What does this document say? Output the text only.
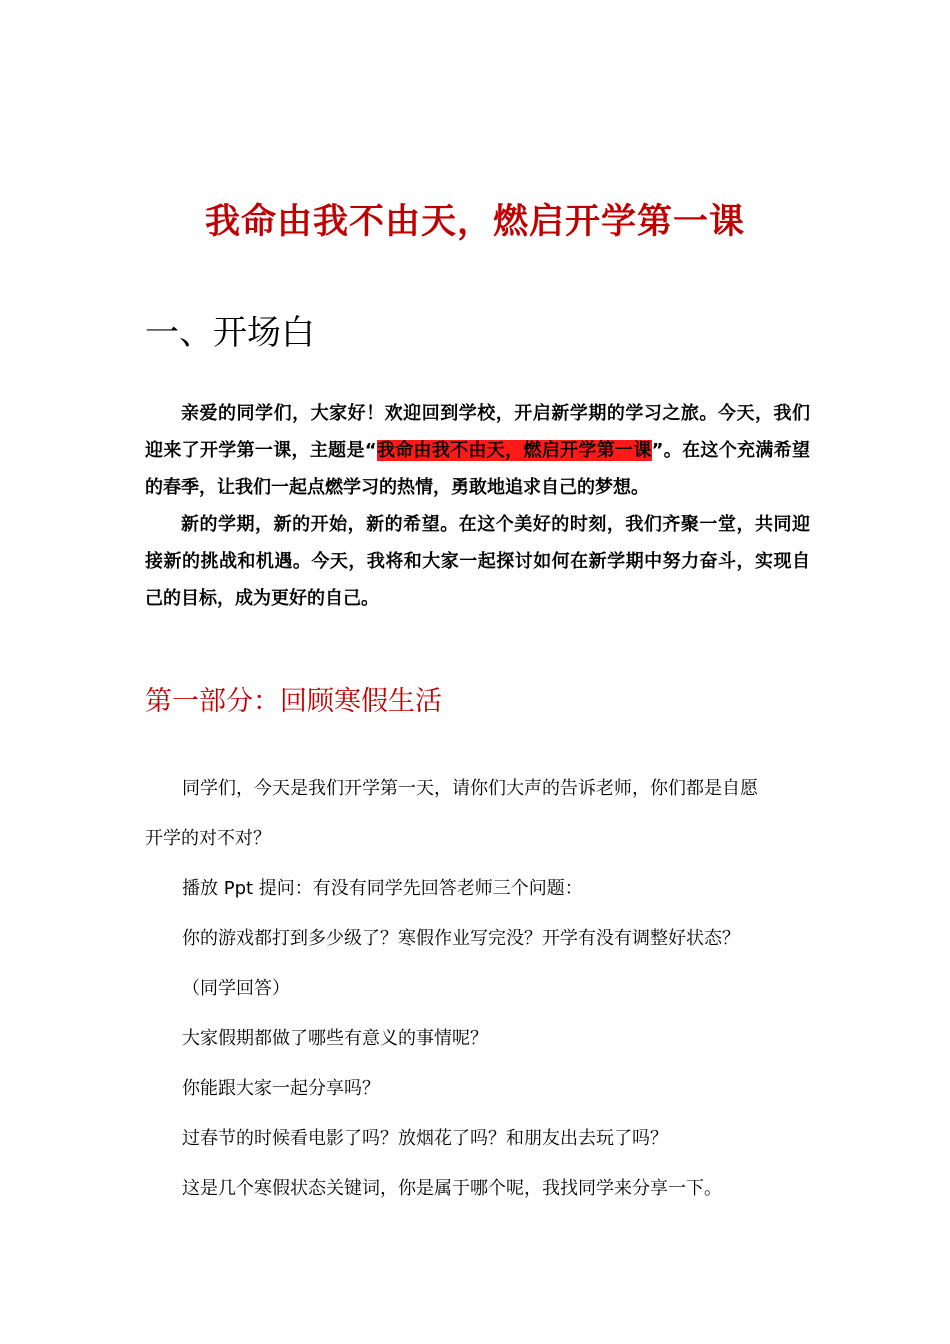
我命由我不由天，燃启开学第一课
一、开场白

亲爱的同学们，大家好！欢迎回到学校，开启新学期的学习之旅。今天，我们迎来了开学第一课，主题是“我命由我不由天，燃启开学第一课”。在这个充满希望的春季，让我们一起点燃学习的热情，勇敢地追求自己的梦想。

新的学期，新的开始，新的希望。在这个美好的时刻，我们齐聚一堂，共同迎接新的挑战和机遇。今天，我将和大家一起探讨如何在新学期中努力奋斗，实现自己的目标，成为更好的自己。

第一部分：回顾寒假生活
同学们，今天是我们开学第一天，请你们大声的告诉老师，你们都是自愿
开学的对不对？
播放 Ppt 提问：有没有同学先回答老师三个问题：
你的游戏都打到多少级了？寒假作业写完没？开学有没有调整好状态？
（同学回答）
大家假期都做了哪些有意义的事情呢？
你能跟大家一起分享吗？
过春节的时候看电影了吗？放烟花了吗？和朋友出去玩了吗？
这是几个寒假状态关键词，你是属于哪个呢，我找同学来分享一下。
